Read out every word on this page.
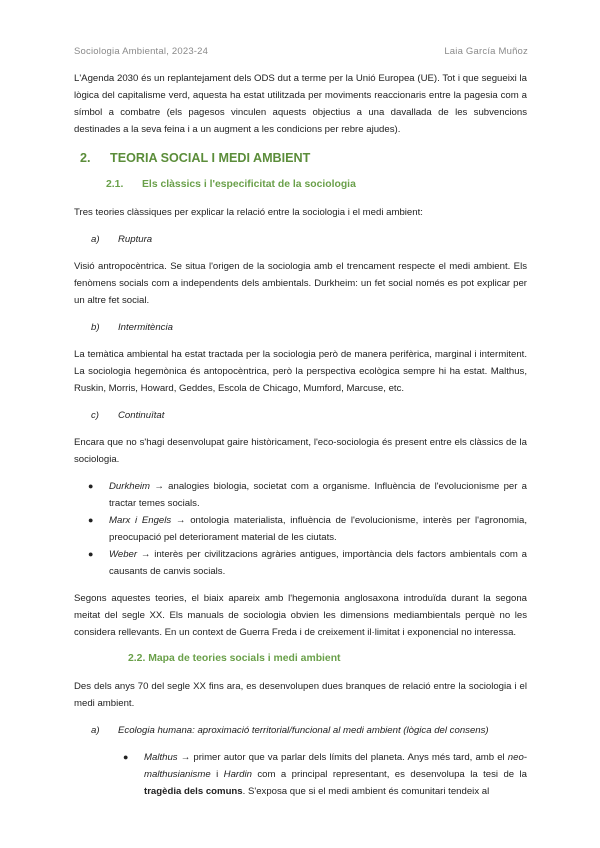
Sociologia Ambiental, 2023-24	Laia García Muñoz

L'Agenda 2030 és un replantejament dels ODS dut a terme per la Unió Europea (UE). Tot i que segueixi la lògica del capitalisme verd, aquesta ha estat utilitzada per moviments reaccionaris entre la pagesia com a símbol a combatre (els pagesos vinculen aquests objectius a una davallada de les subvencions destinades a la seva feina i a un augment a les condicions per rebre ajudes).

2. TEORIA SOCIAL I MEDI AMBIENT
2.1. Els clàssics i l'especificitat de la sociologia

Tres teories clàssiques per explicar la relació entre la sociologia i el medi ambient:

a) Ruptura

Visió antropocèntrica. Se situa l'origen de la sociologia amb el trencament respecte el medi ambient. Els fenòmens socials com a independents dels ambientals. Durkheim: un fet social només es pot explicar per un altre fet social.

b) Intermitència

La temàtica ambiental ha estat tractada per la sociologia però de manera perifèrica, marginal i intermitent. La sociologia hegemònica és antopocèntrica, però la perspectiva ecològica sempre hi ha estat. Malthus, Ruskin, Morris, Howard, Geddes, Escola de Chicago, Mumford, Marcuse, etc.

c) Continuïtat

Encara que no s'hagi desenvolupat gaire històricament, l'eco-sociologia és present entre els clàssics de la sociologia.

● Durkheim → analogies biologia, societat com a organisme. Influència de l'evolucionisme per a tractar temes socials.
● Marx i Engels → ontologia materialista, influència de l'evolucionisme, interès per l'agronomia, preocupació pel deteriorament material de les ciutats.
● Weber → interès per civilitzacions agràries antigues, importància dels factors ambientals com a causants de canvis socials.

Segons aquestes teories, el biaix apareix amb l'hegemonia anglosaxona introduïda durant la segona meitat del segle XX. Els manuals de sociologia obvien les dimensions mediambientals perquè no les considera rellevants. En un context de Guerra Freda i de creixement il·limitat i exponencial no interessa.

2.2. Mapa de teories socials i medi ambient

Des dels anys 70 del segle XX fins ara, es desenvolupen dues branques de relació entre la sociologia i el medi ambient.

a) Ecologia humana: aproximació territorial/funcional al medi ambient (lògica del consens)
● Malthus → primer autor que va parlar dels límits del planeta. Anys més tard, amb el neo-malthusianisme i Hardin com a principal representant, es desenvolupa la tesi de la tragèdia dels comuns. S'exposa que si el medi ambient és comunitari tendeix al
